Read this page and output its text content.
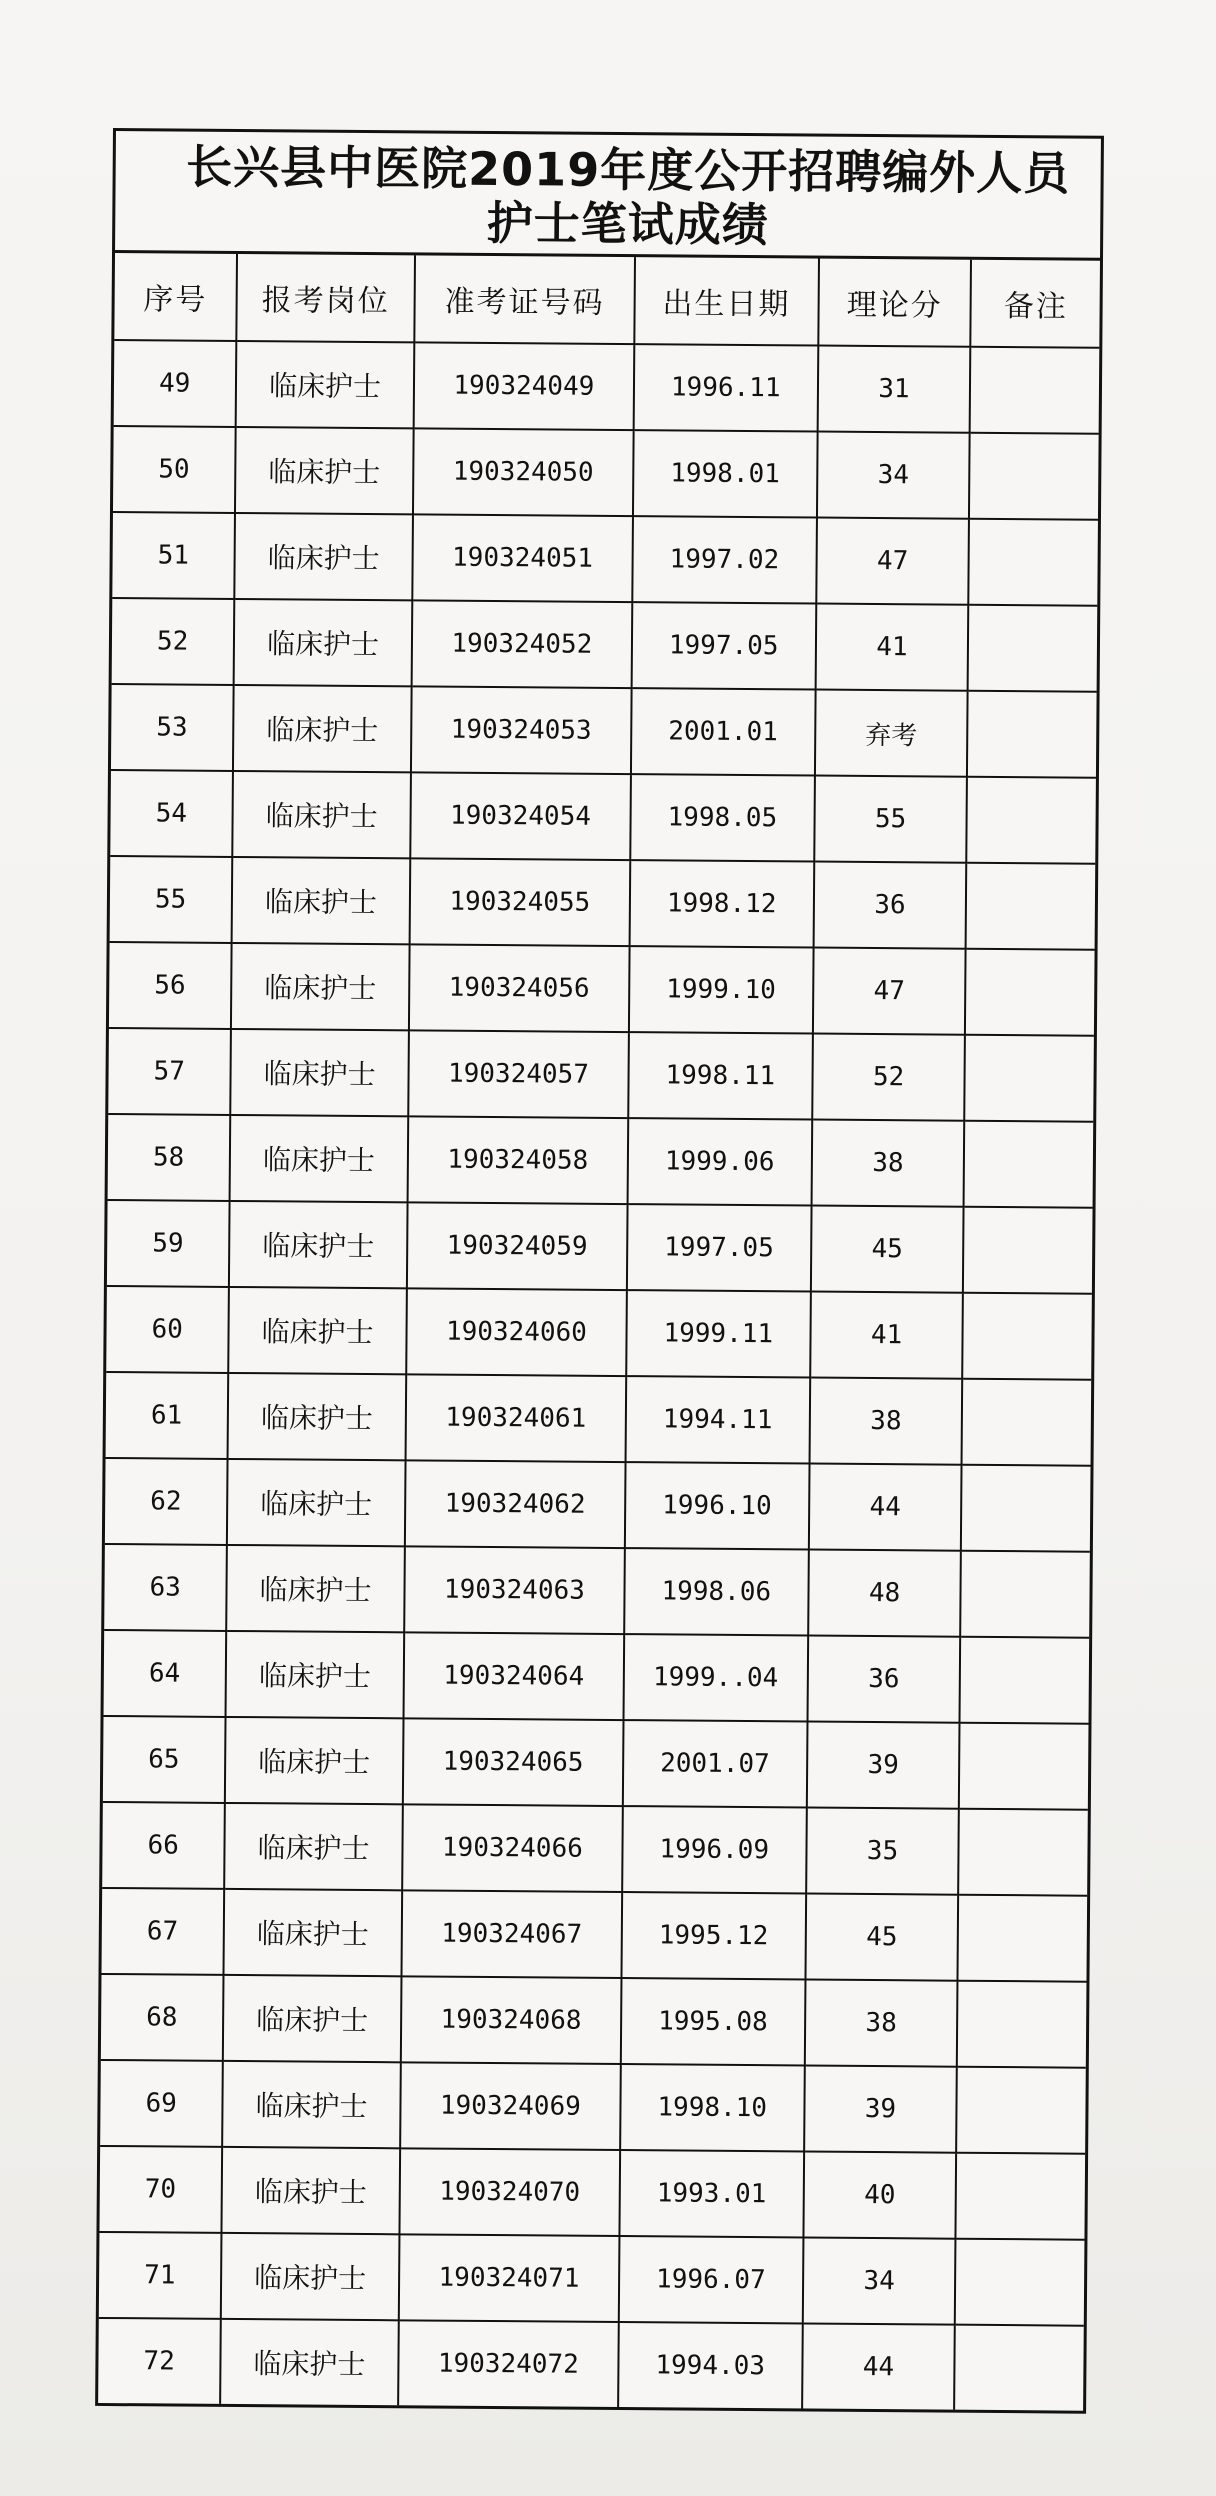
长兴县中医院2019年度公开招聘编外人员护士笔试成绩
序号	报考岗位	准考证号码	出生日期	理论分	备注
49	临床护士	190324049	1996.11	31	
50	临床护士	190324050	1998.01	34	
51	临床护士	190324051	1997.02	47	
52	临床护士	190324052	1997.05	41	
53	临床护士	190324053	2001.01	弃考	
54	临床护士	190324054	1998.05	55	
55	临床护士	190324055	1998.12	36	
56	临床护士	190324056	1999.10	47	
57	临床护士	190324057	1998.11	52	
58	临床护士	190324058	1999.06	38	
59	临床护士	190324059	1997.05	45	
60	临床护士	190324060	1999.11	41	
61	临床护士	190324061	1994.11	38	
62	临床护士	190324062	1996.10	44	
63	临床护士	190324063	1998.06	48	
64	临床护士	190324064	1999..04	36	
65	临床护士	190324065	2001.07	39	
66	临床护士	190324066	1996.09	35	
67	临床护士	190324067	1995.12	45	
68	临床护士	190324068	1995.08	38	
69	临床护士	190324069	1998.10	39	
70	临床护士	190324070	1993.01	40	
71	临床护士	190324071	1996.07	34	
72	临床护士	190324072	1994.03	44	
